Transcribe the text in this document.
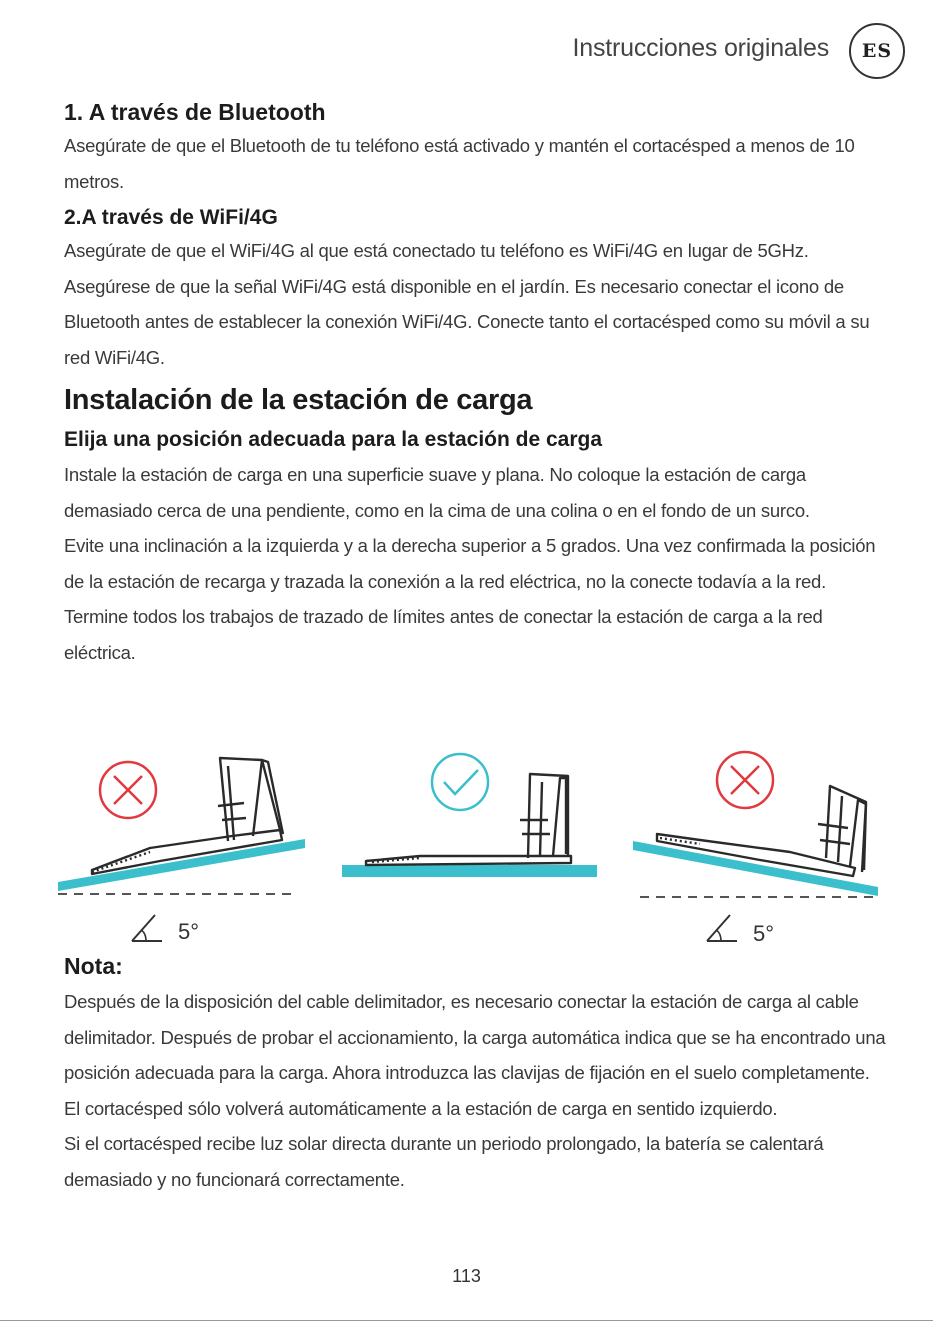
Instrucciones originales	ES
1. A través de Bluetooth

Asegúrate de que el Bluetooth de tu teléfono está activado y mantén el cortacésped a menos de 10 metros.

2.A través de WiFi/4G

Asegúrate de que el WiFi/4G al que está conectado tu teléfono es WiFi/4G en lugar de 5GHz.

Asegúrese de que la señal WiFi/4G está disponible en el jardín. Es necesario conectar el icono de Bluetooth antes de establecer la conexión WiFi/4G. Conecte tanto el cortacésped como su móvil a su red WiFi/4G.

Instalación de la estación de carga
Elija una posición adecuada para la estación de carga

Instale la estación de carga en una superficie suave y plana. No coloque la estación de carga demasiado cerca de una pendiente, como en la cima de una colina o en el fondo de un surco.

Evite una inclinación a la izquierda y a la derecha superior a 5 grados. Una vez confirmada la posición de la estación de recarga y trazada la conexión a la red eléctrica, no la conecte todavía a la red. Termine todos los trabajos de trazado de límites antes de conectar la estación de carga a la red eléctrica.

5°	5°
Nota:

Después de la disposición del cable delimitador, es necesario conectar la estación de carga al cable delimitador. Después de probar el accionamiento, la carga automática indica que se ha encontrado una posición adecuada para la carga. Ahora introduzca las clavijas de fijación en el suelo completamente.

El cortacésped sólo volverá automáticamente a la estación de carga en sentido izquierdo.

Si el cortacésped recibe luz solar directa durante un periodo prolongado, la batería se calentará demasiado y no funcionará correctamente.

113
